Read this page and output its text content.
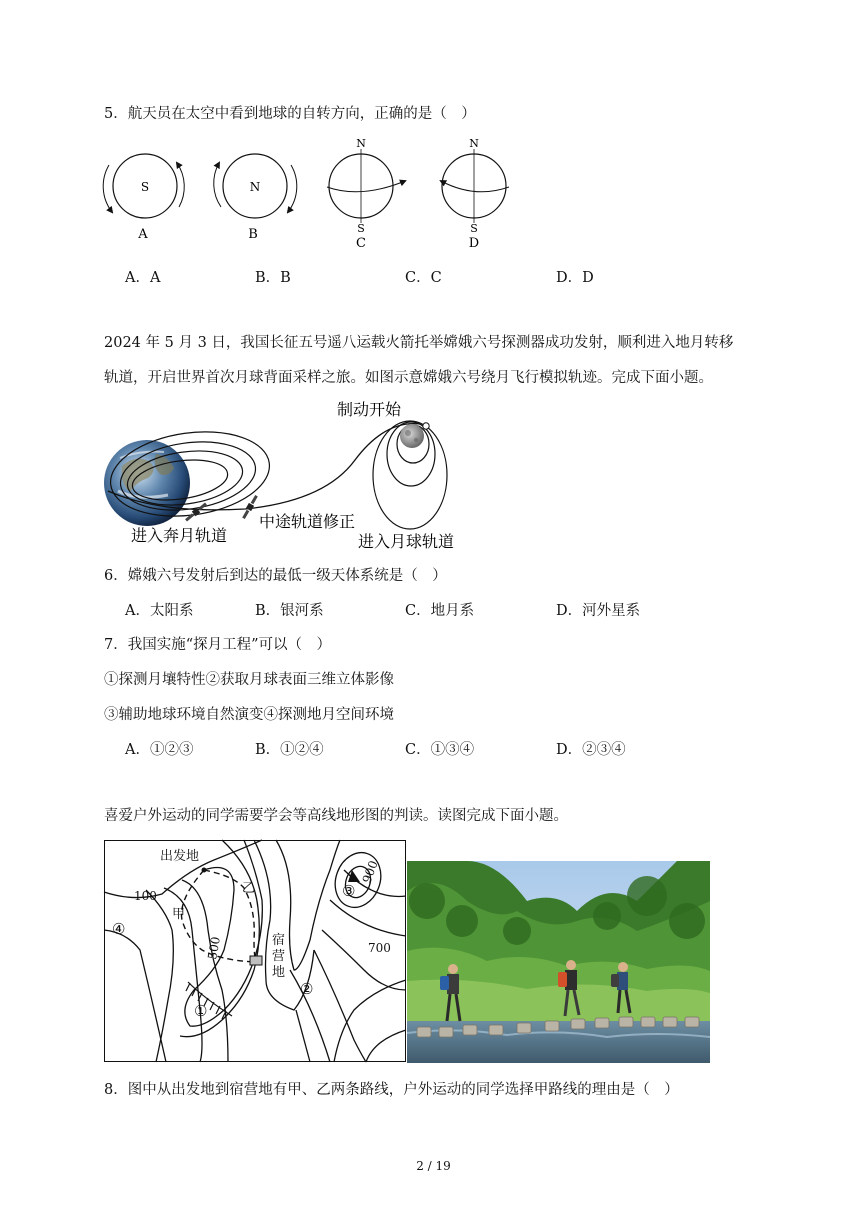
5．航天员在太空中看到地球的自转方向，正确的是（　）
S
A
N
B
N
S
C
N
S
D
A．A	B．B	C．C	D．D
2024 年 5 月 3 日，我国长征五号遥八运载火箭托举嫦娥六号探测器成功发射，顺利进入地月转移
轨道，开启世界首次月球背面采样之旅。如图示意嫦娥六号绕月飞行模拟轨迹。完成下面小题。
制动开始
进入奔月轨道
中途轨道修正
进入月球轨道
6．嫦娥六号发射后到达的最低一级天体系统是（　）
A．太阳系	B．银河系	C．地月系	D．河外星系
7．我国实施“探月工程”可以（　）
①探测月壤特性②获取月球表面三维立体影像
③辅助地球环境自然演变④探测地月空间环境
A．①②③	B．①②④	C．①③④	D．②③④
喜爱户外运动的同学需要学会等高线地形图的判读。读图完成下面小题。
出发地
甲
乙
宿
营
地
100
700
500
900
①
②
③
④
8．图中从出发地到宿营地有甲、乙两条路线，户外运动的同学选择甲路线的理由是（　）
2 / 19
